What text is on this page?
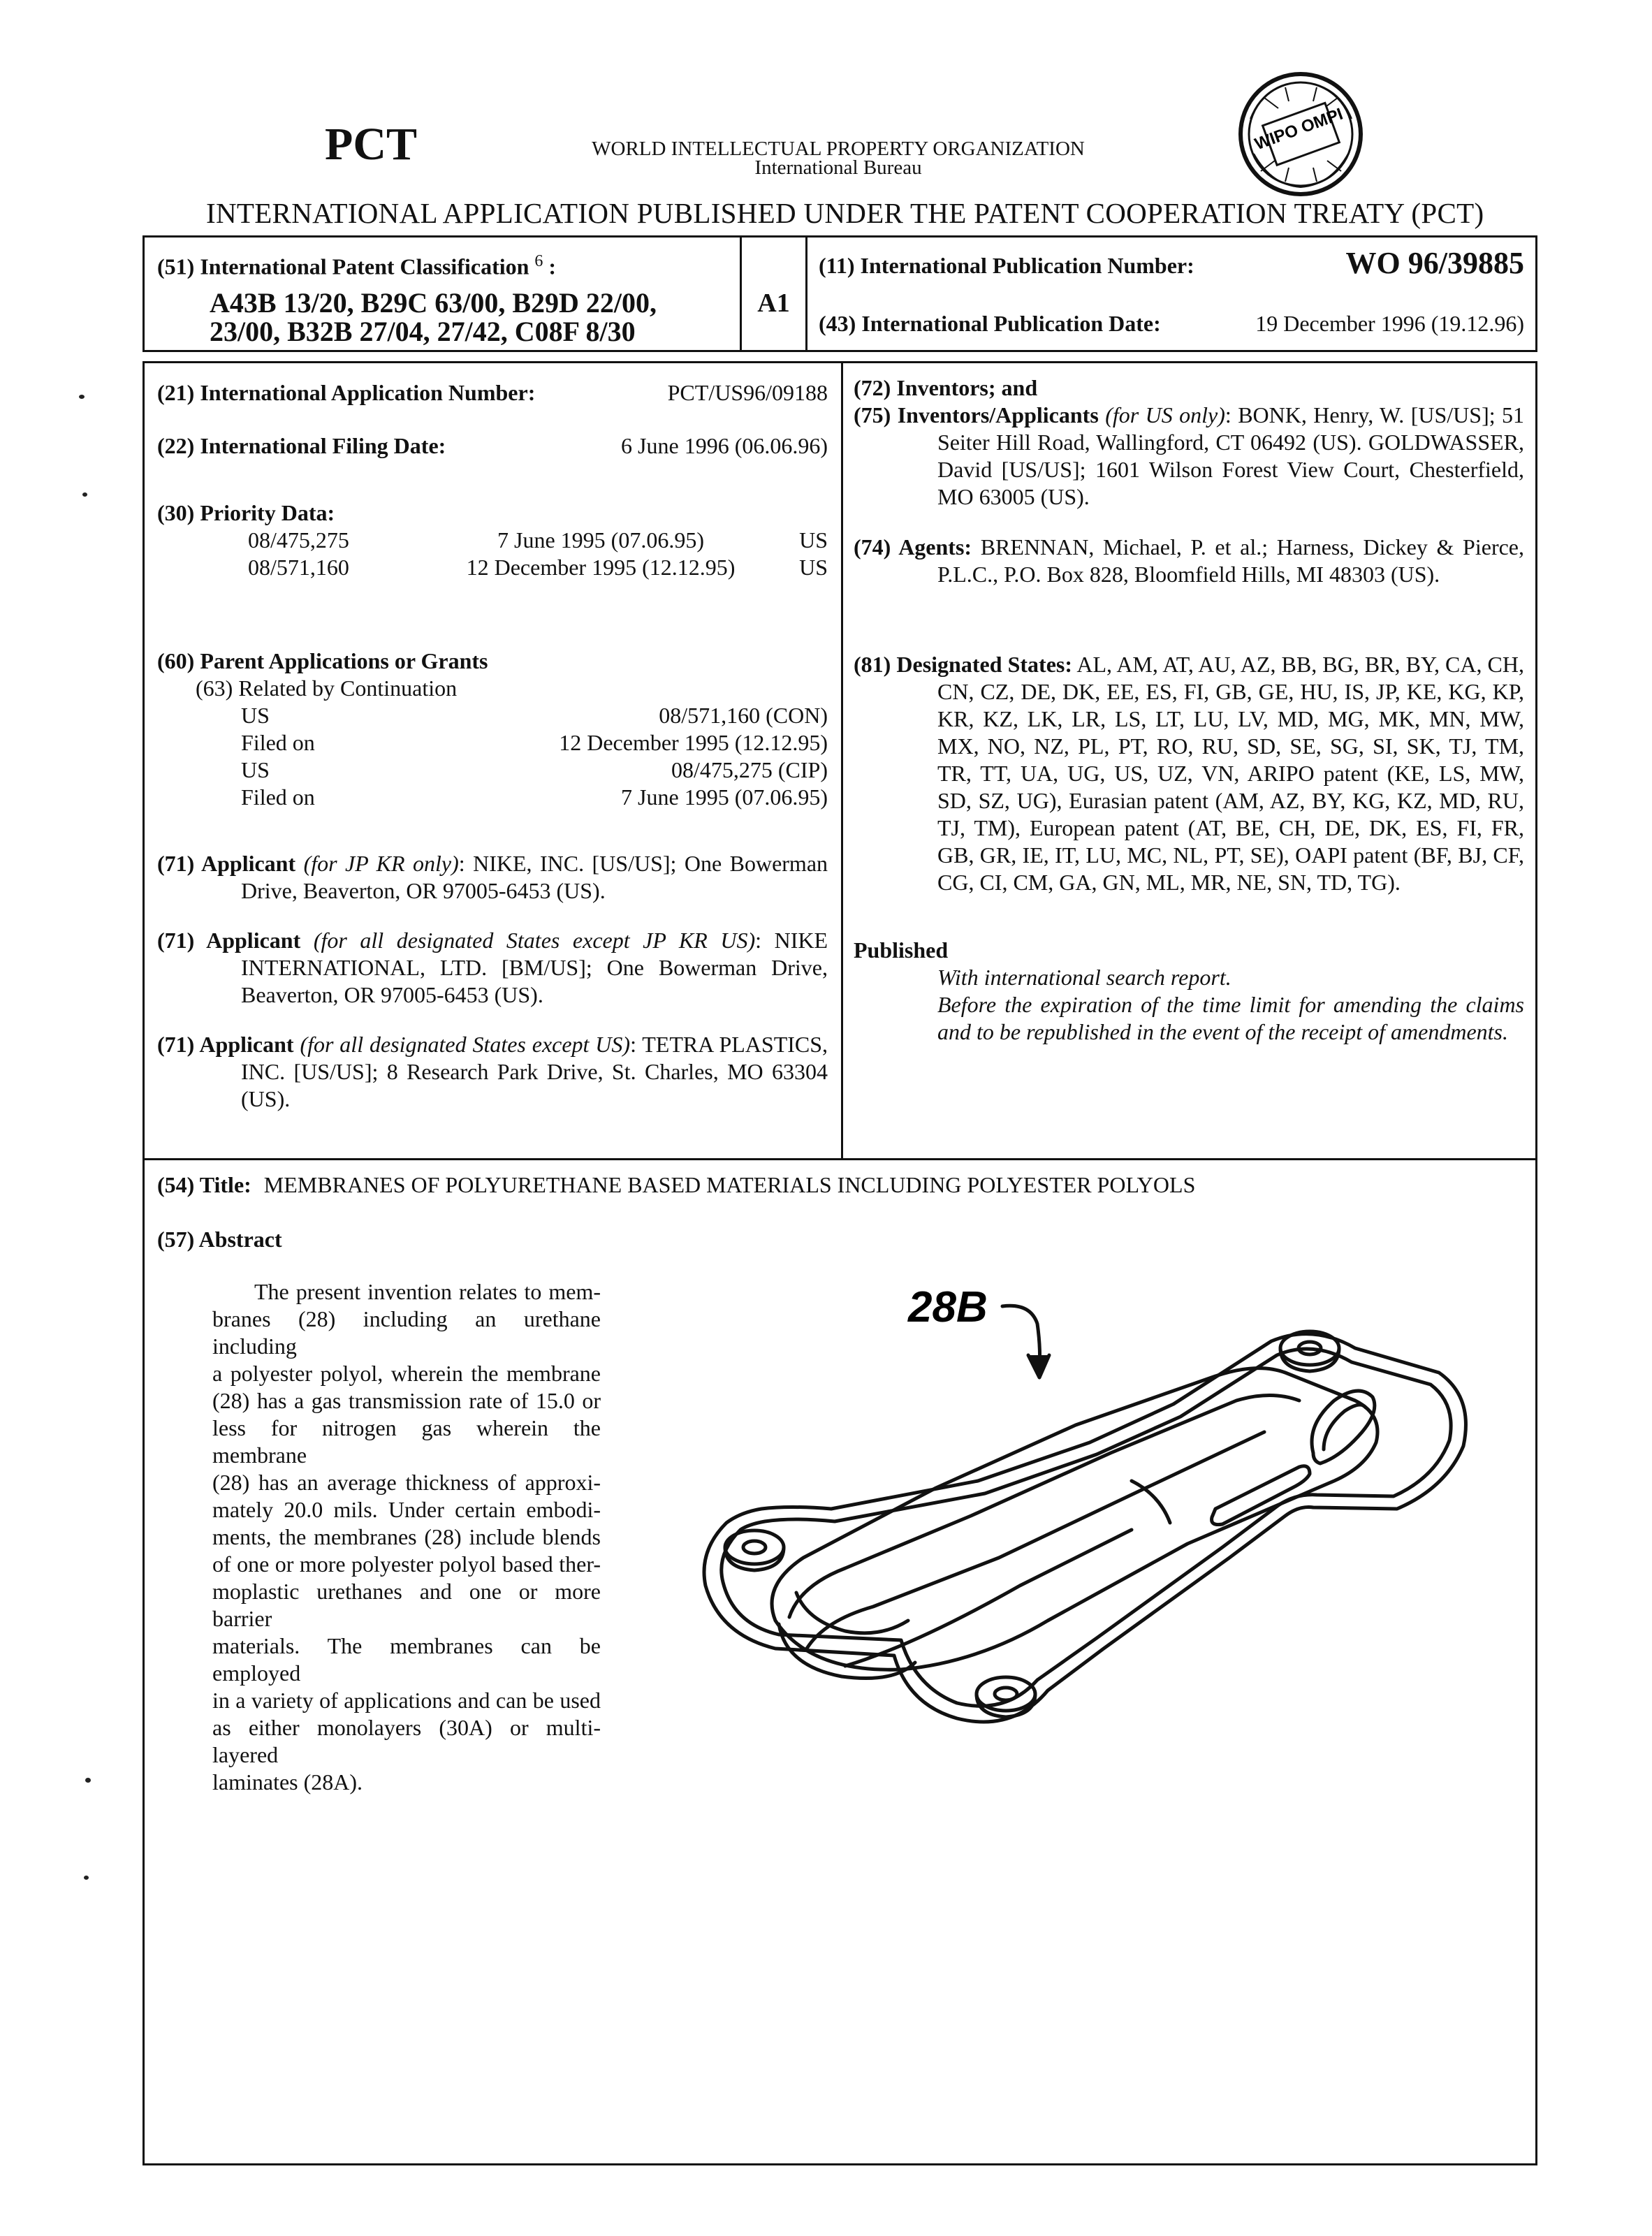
PCT	WORLD INTELLECTUAL PROPERTY ORGANIZATION
International Bureau
WIPO OMPI
INTERNATIONAL APPLICATION PUBLISHED UNDER THE PATENT COOPERATION TREATY (PCT)
(51) International Patent Classification $^6$ :
A43B 13/20, B29C 63/00, B29D 22/00,
23/00, B32B 27/04, 27/42, C08F 8/30
A1
(11) International Publication Number:	WO 96/39885
(43) International Publication Date:	19 December 1996 (19.12.96)
(21) International Application Number:	PCT/US96/09188
(22) International Filing Date:	6 June 1996 (06.06.96)
(30) Priority Data:
08/475,275	7 June 1995 (07.06.95)	US
08/571,160	12 December 1995 (12.12.95)	US
(60) Parent Applications or Grants
(63) Related by Continuation
US	08/571,160 (CON)
Filed on	12 December 1995 (12.12.95)
US	08/475,275 (CIP)
Filed on	7 June 1995 (07.06.95)

(71) Applicant (for JP KR only): NIKE, INC. [US/US]; One Bowerman Drive, Beaverton, OR 97005-6453 (US).

(71) Applicant (for all designated States except JP KR US): NIKE INTERNATIONAL, LTD. [BM/US]; One Bowerman Drive, Beaverton, OR 97005-6453 (US).

(71) Applicant (for all designated States except US): TETRA PLASTICS, INC. [US/US]; 8 Research Park Drive, St. Charles, MO 63304 (US).

(72) Inventors; and

(75) Inventors/Applicants (for US only): BONK, Henry, W. [US/US]; 51 Seiter Hill Road, Wallingford, CT 06492 (US). GOLDWASSER, David [US/US]; 1601 Wilson Forest View Court, Chesterfield, MO 63005 (US).

(74) Agents: BRENNAN, Michael, P. et al.; Harness, Dickey & Pierce, P.L.C., P.O. Box 828, Bloomfield Hills, MI 48303 (US).

(81) Designated States: AL, AM, AT, AU, AZ, BB, BG, BR, BY, CA, CH, CN, CZ, DE, DK, EE, ES, FI, GB, GE, HU, IS, JP, KE, KG, KP, KR, KZ, LK, LR, LS, LT, LU, LV, MD, MG, MK, MN, MW, MX, NO, NZ, PL, PT, RO, RU, SD, SE, SG, SI, SK, TJ, TM, TR, TT, UA, UG, US, UZ, VN, ARIPO patent (KE, LS, MW, SD, SZ, UG), Eurasian patent (AM, AZ, BY, KG, KZ, MD, RU, TJ, TM), European patent (AT, BE, CH, DE, DK, ES, FI, FR, GB, GR, IE, IT, LU, MC, NL, PT, SE), OAPI patent (BF, BJ, CF, CG, CI, CM, GA, GN, ML, MR, NE, SN, TD, TG).

Published
With international search report.

Before the expiration of the time limit for amending the claims and to be republished in the event of the receipt of amendments.

(54) Title: MEMBRANES OF POLYURETHANE BASED MATERIALS INCLUDING POLYESTER POLYOLS
(57) Abstract
The present invention relates to mem-
branes (28) including an urethane including
a polyester polyol, wherein the membrane
(28) has a gas transmission rate of 15.0 or
less for nitrogen gas wherein the membrane
(28) has an average thickness of approxi-
mately 20.0 mils. Under certain embodi-
ments, the membranes (28) include blends
of one or more polyester polyol based ther-
moplastic urethanes and one or more barrier
materials. The membranes can be employed
in a variety of applications and can be used
as either monolayers (30A) or multi-layered
laminates (28A).
28B
